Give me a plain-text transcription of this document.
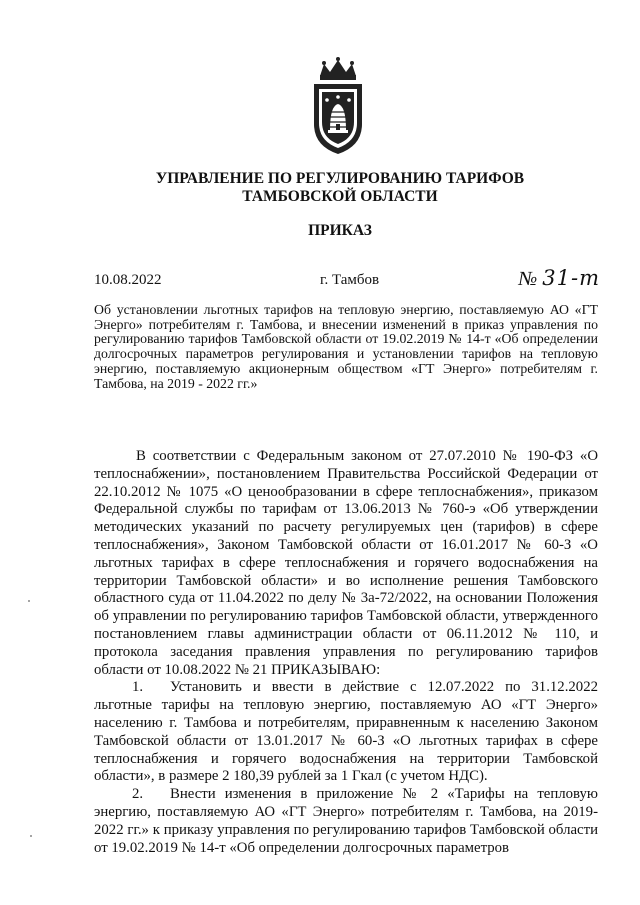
УПРАВЛЕНИЕ ПО РЕГУЛИРОВАНИЮ ТАРИФОВ
ТАМБОВСКОЙ ОБЛАСТИ
ПРИКАЗ
10.08.2022	г. Тамбов	№ 31-т
Об установлении льготных тарифов на тепловую энергию, поставляемую АО «ГТ Энерго» потребителям г. Тамбова, и внесении изменений в приказ управления по регулированию тарифов Тамбовской области от 19.02.2019 № 14-т «Об определении долгосрочных параметров регулирования и установлении тарифов на тепловую энергию, поставляемую акционерным обществом «ГТ Энерго» потребителям г. Тамбова, на 2019 - 2022 гг.»

В соответствии с Федеральным законом от 27.07.2010 № 190-ФЗ «О теплоснабжении», постановлением Правительства Российской Федерации от 22.10.2012 № 1075 «О ценообразовании в сфере теплоснабжения», приказом Федеральной службы по тарифам от 13.06.2013 № 760-э «Об утверждении методических указаний по расчету регулируемых цен (тарифов) в сфере теплоснабжения», Законом Тамбовской области от 16.01.2017 № 60-З «О льготных тарифах в сфере теплоснабжения и горячего водоснабжения на территории Тамбовской области» и во исполнение решения Тамбовского областного суда от 11.04.2022 по делу № 3а-72/2022, на основании Положения об управлении по регулированию тарифов Тамбовской области, утвержденного постановлением главы администрации области от 06.11.2012 № 110, и протокола заседания правления управления по регулированию тарифов области от 10.08.2022 № 21 ПРИКАЗЫВАЮ:

1. Установить и ввести в действие с 12.07.2022 по 31.12.2022 льготные тарифы на тепловую энергию, поставляемую АО «ГТ Энерго» населению г. Тамбова и потребителям, приравненным к населению Законом Тамбовской области от 13.01.2017 № 60-З «О льготных тарифах в сфере теплоснабжения и горячего водоснабжения на территории Тамбовской области», в размере 2 180,39 рублей за 1 Гкал (с учетом НДС).

2. Внести изменения в приложение № 2 «Тарифы на тепловую энергию, поставляемую АО «ГТ Энерго» потребителям г. Тамбова, на 2019-2022 гг.» к приказу управления по регулированию тарифов Тамбовской области от 19.02.2019 № 14-т «Об определении долгосрочных параметров
